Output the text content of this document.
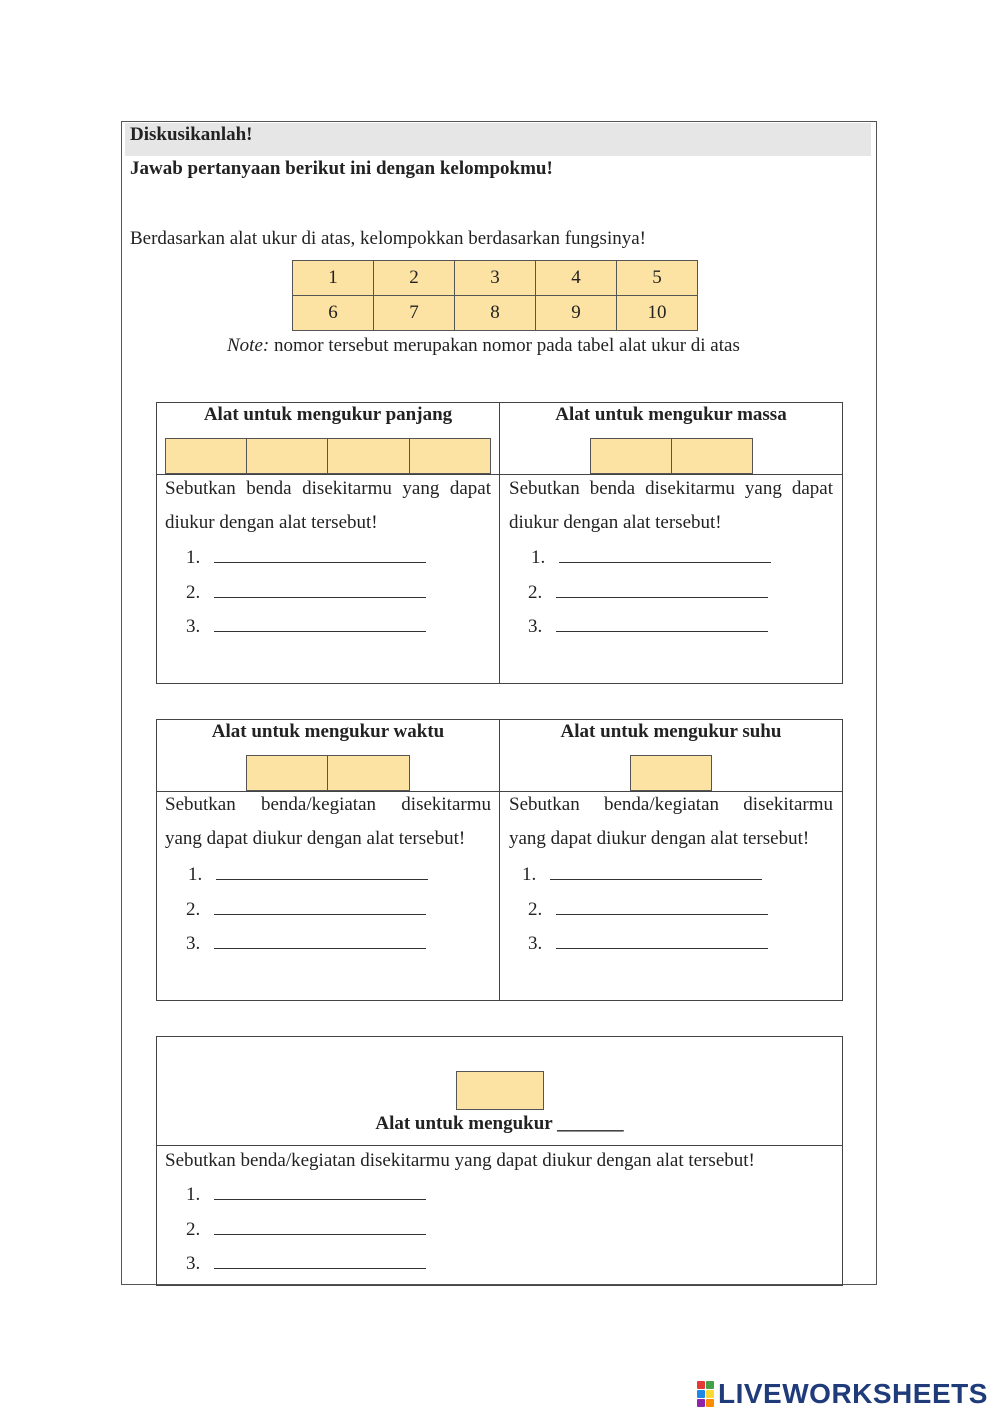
Diskusikanlah!
Jawab pertanyaan berikut ini dengan kelompokmu!
Berdasarkan alat ukur di atas, kelompokkan berdasarkan fungsinya!
1	2	3	4	5
6	7	8	9	10
Note: nomor tersebut merupakan nomor pada tabel alat ukur di atas
Alat untuk mengukur panjang	Alat untuk mengukur massa
Sebutkan benda disekitarmu yang dapat
diukur dengan alat tersebut!
Sebutkan benda disekitarmu yang dapat
diukur dengan alat tersebut!
1.
2.
3.
1.
2.
3.
Alat untuk mengukur waktu	Alat untuk mengukur suhu
Sebutkan benda/kegiatan disekitarmu
yang dapat diukur dengan alat tersebut!
Sebutkan benda/kegiatan disekitarmu
yang dapat diukur dengan alat tersebut!
1.
2.
3.
1.
2.
3.
Alat untuk mengukur _______
Sebutkan benda/kegiatan disekitarmu yang dapat diukur dengan alat tersebut!
1.
2.
3.
LIVEWORKSHEETS
